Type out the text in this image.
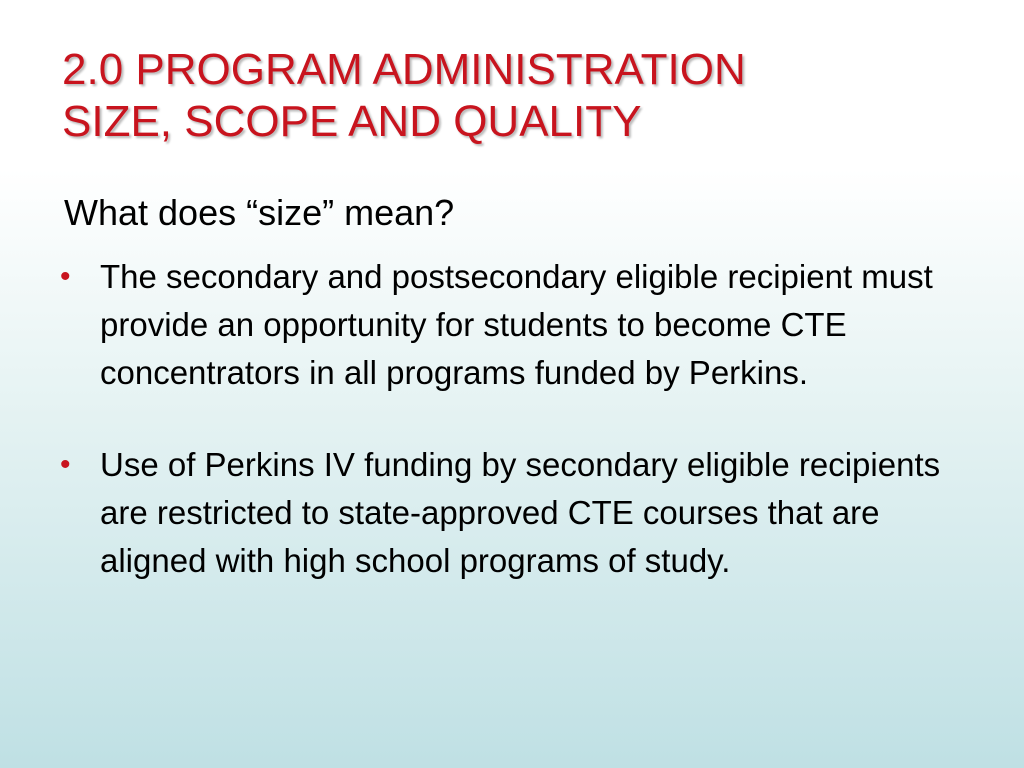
2.0 PROGRAM ADMINISTRATION
SIZE, SCOPE AND QUALITY

What does “size” mean?

• The secondary and postsecondary eligible recipient must provide an opportunity for students to become CTE concentrators in all programs funded by Perkins.
• Use of Perkins IV funding by secondary eligible recipients are restricted to state-approved CTE courses that are aligned with high school programs of study.
